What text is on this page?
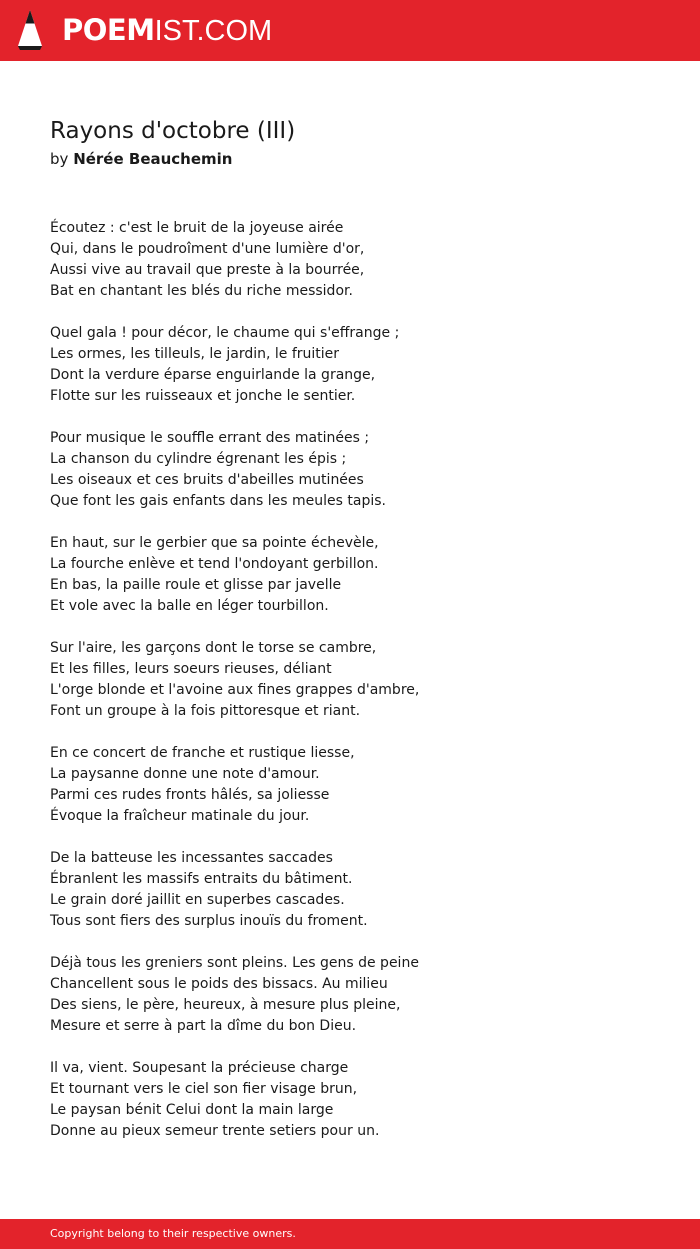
POEMIST.COM
Rayons d'octobre (III)
by Nérée Beauchemin
Écoutez : c'est le bruit de la joyeuse airée
Qui, dans le poudroîment d'une lumière d'or,
Aussi vive au travail que preste à la bourrée,
Bat en chantant les blés du riche messidor.
Quel gala ! pour décor, le chaume qui s'effrange ;
Les ormes, les tilleuls, le jardin, le fruitier
Dont la verdure éparse enguirlande la grange,
Flotte sur les ruisseaux et jonche le sentier.
Pour musique le souffle errant des matinées ;
La chanson du cylindre égrenant les épis ;
Les oiseaux et ces bruits d'abeilles mutinées
Que font les gais enfants dans les meules tapis.
En haut, sur le gerbier que sa pointe échevèle,
La fourche enlève et tend l'ondoyant gerbillon.
En bas, la paille roule et glisse par javelle
Et vole avec la balle en léger tourbillon.
Sur l'aire, les garçons dont le torse se cambre,
Et les filles, leurs soeurs rieuses, déliant
L'orge blonde et l'avoine aux fines grappes d'ambre,
Font un groupe à la fois pittoresque et riant.
En ce concert de franche et rustique liesse,
La paysanne donne une note d'amour.
Parmi ces rudes fronts hâlés, sa joliesse
Évoque la fraîcheur matinale du jour.
De la batteuse les incessantes saccades
Ébranlent les massifs entraits du bâtiment.
Le grain doré jaillit en superbes cascades.
Tous sont fiers des surplus inouïs du froment.
Déjà tous les greniers sont pleins. Les gens de peine
Chancellent sous le poids des bissacs. Au milieu
Des siens, le père, heureux, à mesure plus pleine,
Mesure et serre à part la dîme du bon Dieu.
Il va, vient. Soupesant la précieuse charge
Et tournant vers le ciel son fier visage brun,
Le paysan bénit Celui dont la main large
Donne au pieux semeur trente setiers pour un.
Copyright belong to their respective owners.
